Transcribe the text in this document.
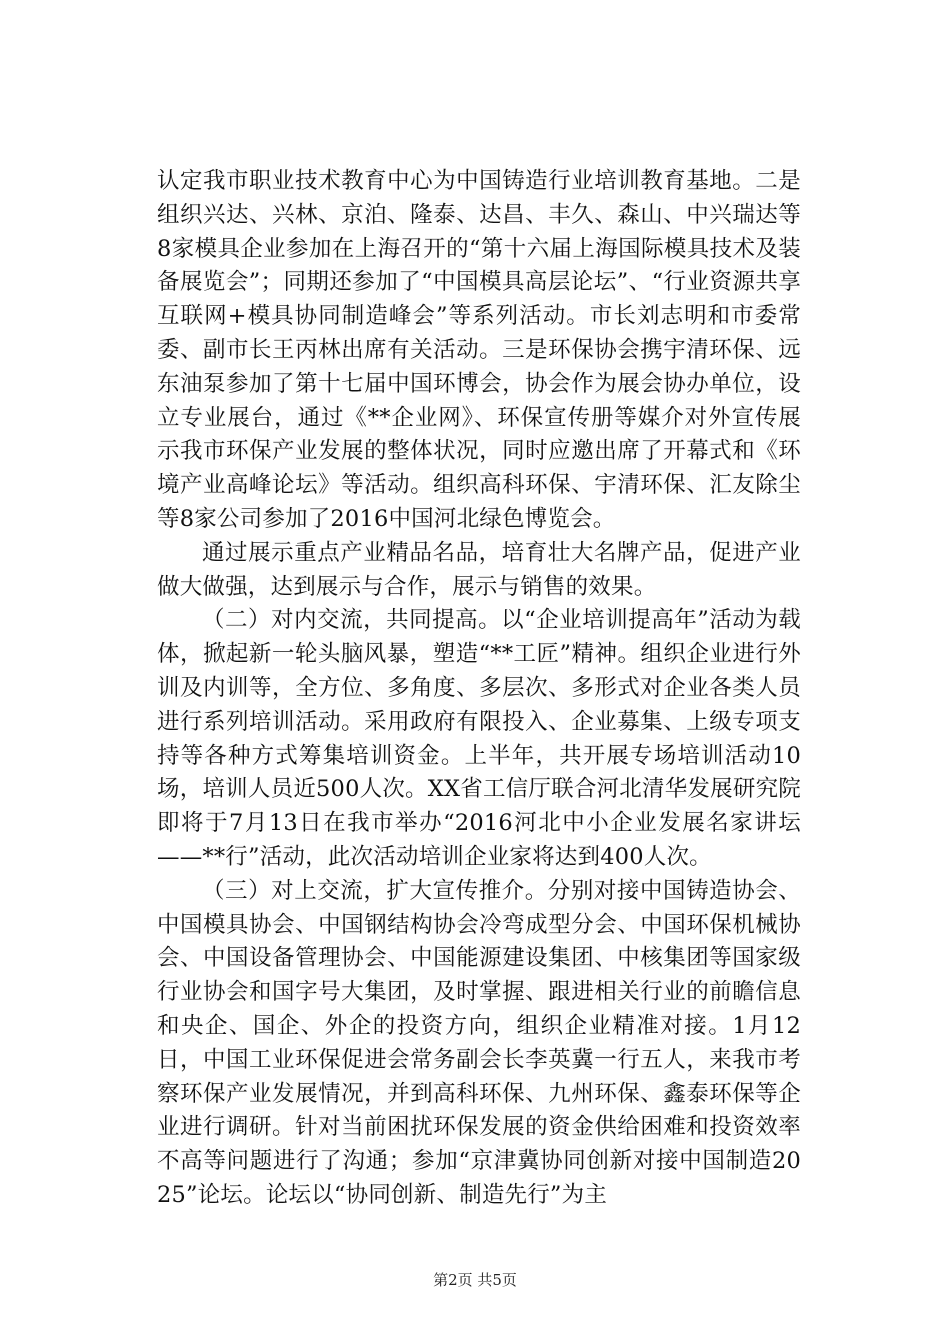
认定我市职业技术教育中心为中国铸造行业培训教育基地。二是组织兴达、兴林、京泊、隆泰、达昌、丰久、森山、中兴瑞达等8家模具企业参加在上海召开的“第十六届上海国际模具技术及装备展览会”；同期还参加了“中国模具高层论坛”、“行业资源共享互联网+模具协同制造峰会”等系列活动。市长刘志明和市委常委、副市长王丙林出席有关活动。三是环保协会携宇清环保、远东油泵参加了第十七届中国环博会，协会作为展会协办单位，设立专业展台，通过《**企业网》、环保宣传册等媒介对外宣传展示我市环保产业发展的整体状况，同时应邀出席了开幕式和《环境产业高峰论坛》等活动。组织高科环保、宇清环保、汇友除尘等8家公司参加了2016中国河北绿色博览会。

通过展示重点产业精品名品，培育壮大名牌产品，促进产业做大做强，达到展示与合作，展示与销售的效果。

（二）对内交流，共同提高。以“企业培训提高年”活动为载体，掀起新一轮头脑风暴，塑造“**工匠”精神。组织企业进行外训及内训等，全方位、多角度、多层次、多形式对企业各类人员进行系列培训活动。采用政府有限投入、企业募集、上级专项支持等各种方式筹集培训资金。上半年，共开展专场培训活动10场，培训人员近500人次。XX省工信厅联合河北清华发展研究院即将于7月13日在我市举办“2016河北中小企业发展名家讲坛——**行”活动，此次活动培训企业家将达到400人次。

（三）对上交流，扩大宣传推介。分别对接中国铸造协会、中国模具协会、中国钢结构协会冷弯成型分会、中国环保机械协会、中国设备管理协会、中国能源建设集团、中核集团等国家级行业协会和国字号大集团，及时掌握、跟进相关行业的前瞻信息和央企、国企、外企的投资方向，组织企业精准对接。1月12日，中国工业环保促进会常务副会长李英冀一行五人，来我市考察环保产业发展情况，并到高科环保、九州环保、鑫泰环保等企业进行调研。针对当前困扰环保发展的资金供给困难和投资效率不高等问题进行了沟通；参加“京津冀协同创新对接中国制造2025”论坛。论坛以“协同创新、制造先行”为主

第2页 共5页
